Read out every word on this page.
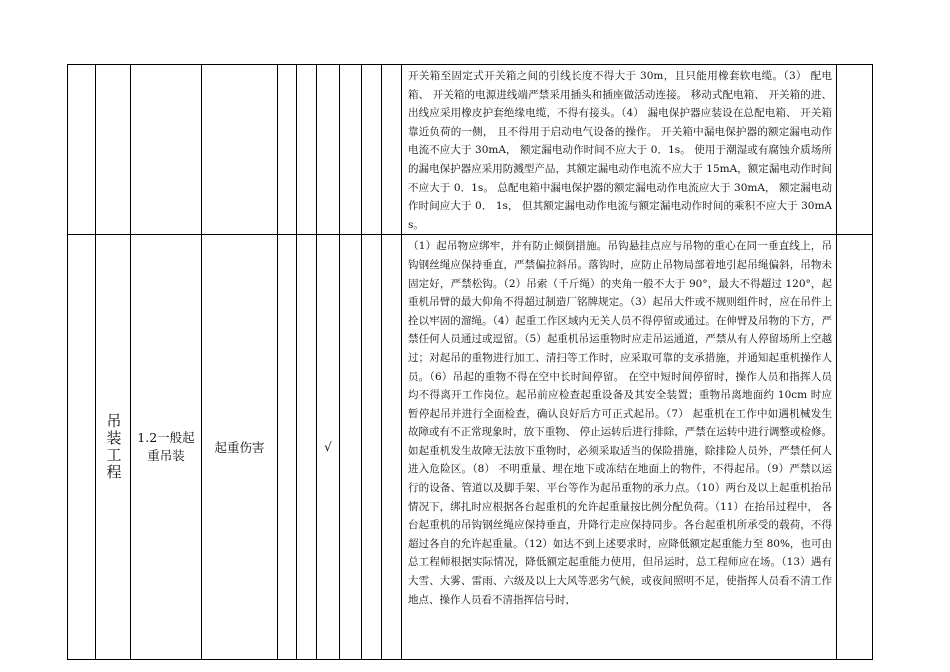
										开关箱至固定式开关箱之间的引线长度不得大于 30m，且只能用橡套软电缆。（3） 配电箱、 开关箱的电源进线端严禁采用插头和插座做活动连接。 移动式配电箱、 开关箱的进、 出线应采用橡皮护套绝缘电缆，不得有接头。（4） 漏电保护器应装设在总配电箱、 开关箱靠近负荷的一侧， 且不得用于启动电气设备的操作。 开关箱中漏电保护器的额定漏电动作电流不应大于 30mA， 额定漏电动作时间不应大于 0．1s。 使用于潮湿或有腐蚀介质场所的漏电保护器应采用防溅型产品，其额定漏电动作电流不应大于 15mA，额定漏电动作时间不应大于 0．1s。 总配电箱中漏电保护器的额定漏电动作电流应大于 30mA， 额定漏电动作时间应大于 0． 1s， 但其额定漏电动作电流与额定漏电动作时间的乘积不应大于 30mA s。	

	吊装工程	1.2一般起重吊装	起重伤害			√				（1）起吊物应绑牢，并有防止倾倒措施。吊钩悬挂点应与吊物的重心在同一垂直线上，吊钩钢丝绳应保持垂直，严禁偏拉斜吊。落钩时，应防止吊物局部着地引起吊绳偏斜，吊物未固定好，严禁松钩。（2）吊索（千斤绳）的夹角一般不大于 90°，最大不得超过 120°，起重机吊臂的最大仰角不得超过制造厂铭牌规定。（3）起吊大件或不规则组件时，应在吊件上拴以牢固的溜绳。（4）起重工作区域内无关人员不得停留或通过。在伸臂及吊物的下方，严禁任何人员通过或逗留。（5）起重机吊运重物时应走吊运通道，严禁从有人停留场所上空越过；对起吊的重物进行加工、清扫等工作时，应采取可靠的支承措施，并通知起重机操作人员。（6）吊起的重物不得在空中长时间停留。 在空中短时间停留时，操作人员和指挥人员均不得离开工作岗位。起吊前应检查起重设备及其安全装置；重物吊离地面约 10cm 时应暂停起吊并进行全面检查，确认良好后方可正式起吊。（7） 起重机在工作中如遇机械发生故障或有不正常现象时，放下重物、 停止运转后进行排除，严禁在运转中进行调整或检修。如起重机发生故障无法放下重物时，必须采取适当的保险措施，除排险人员外，严禁任何人进入危险区。（8） 不明重量、埋在地下或冻结在地面上的物件，不得起吊。（9）严禁以运行的设备、管道以及脚手架、平台等作为起吊重物的承力点。（10）两台及以上起重机抬吊情况下，绑扎时应根据各台起重机的允许起重量按比例分配负荷。（11）在抬吊过程中， 各台起重机的吊钩钢丝绳应保持垂直，升降行走应保持同步。各台起重机所承受的载荷，不得超过各自的允许起重量。（12）如达不到上述要求时，应降低额定起重能力至 80%，也可由总工程师根据实际情况，降低额定起重能力使用，但吊运时，总工程师应在场。（13）遇有大雪、大雾、雷雨、六级及以上大风等恶劣气候，或夜间照明不足，使指挥人员看不清工作地点、操作人员看不清指挥信号时，	
